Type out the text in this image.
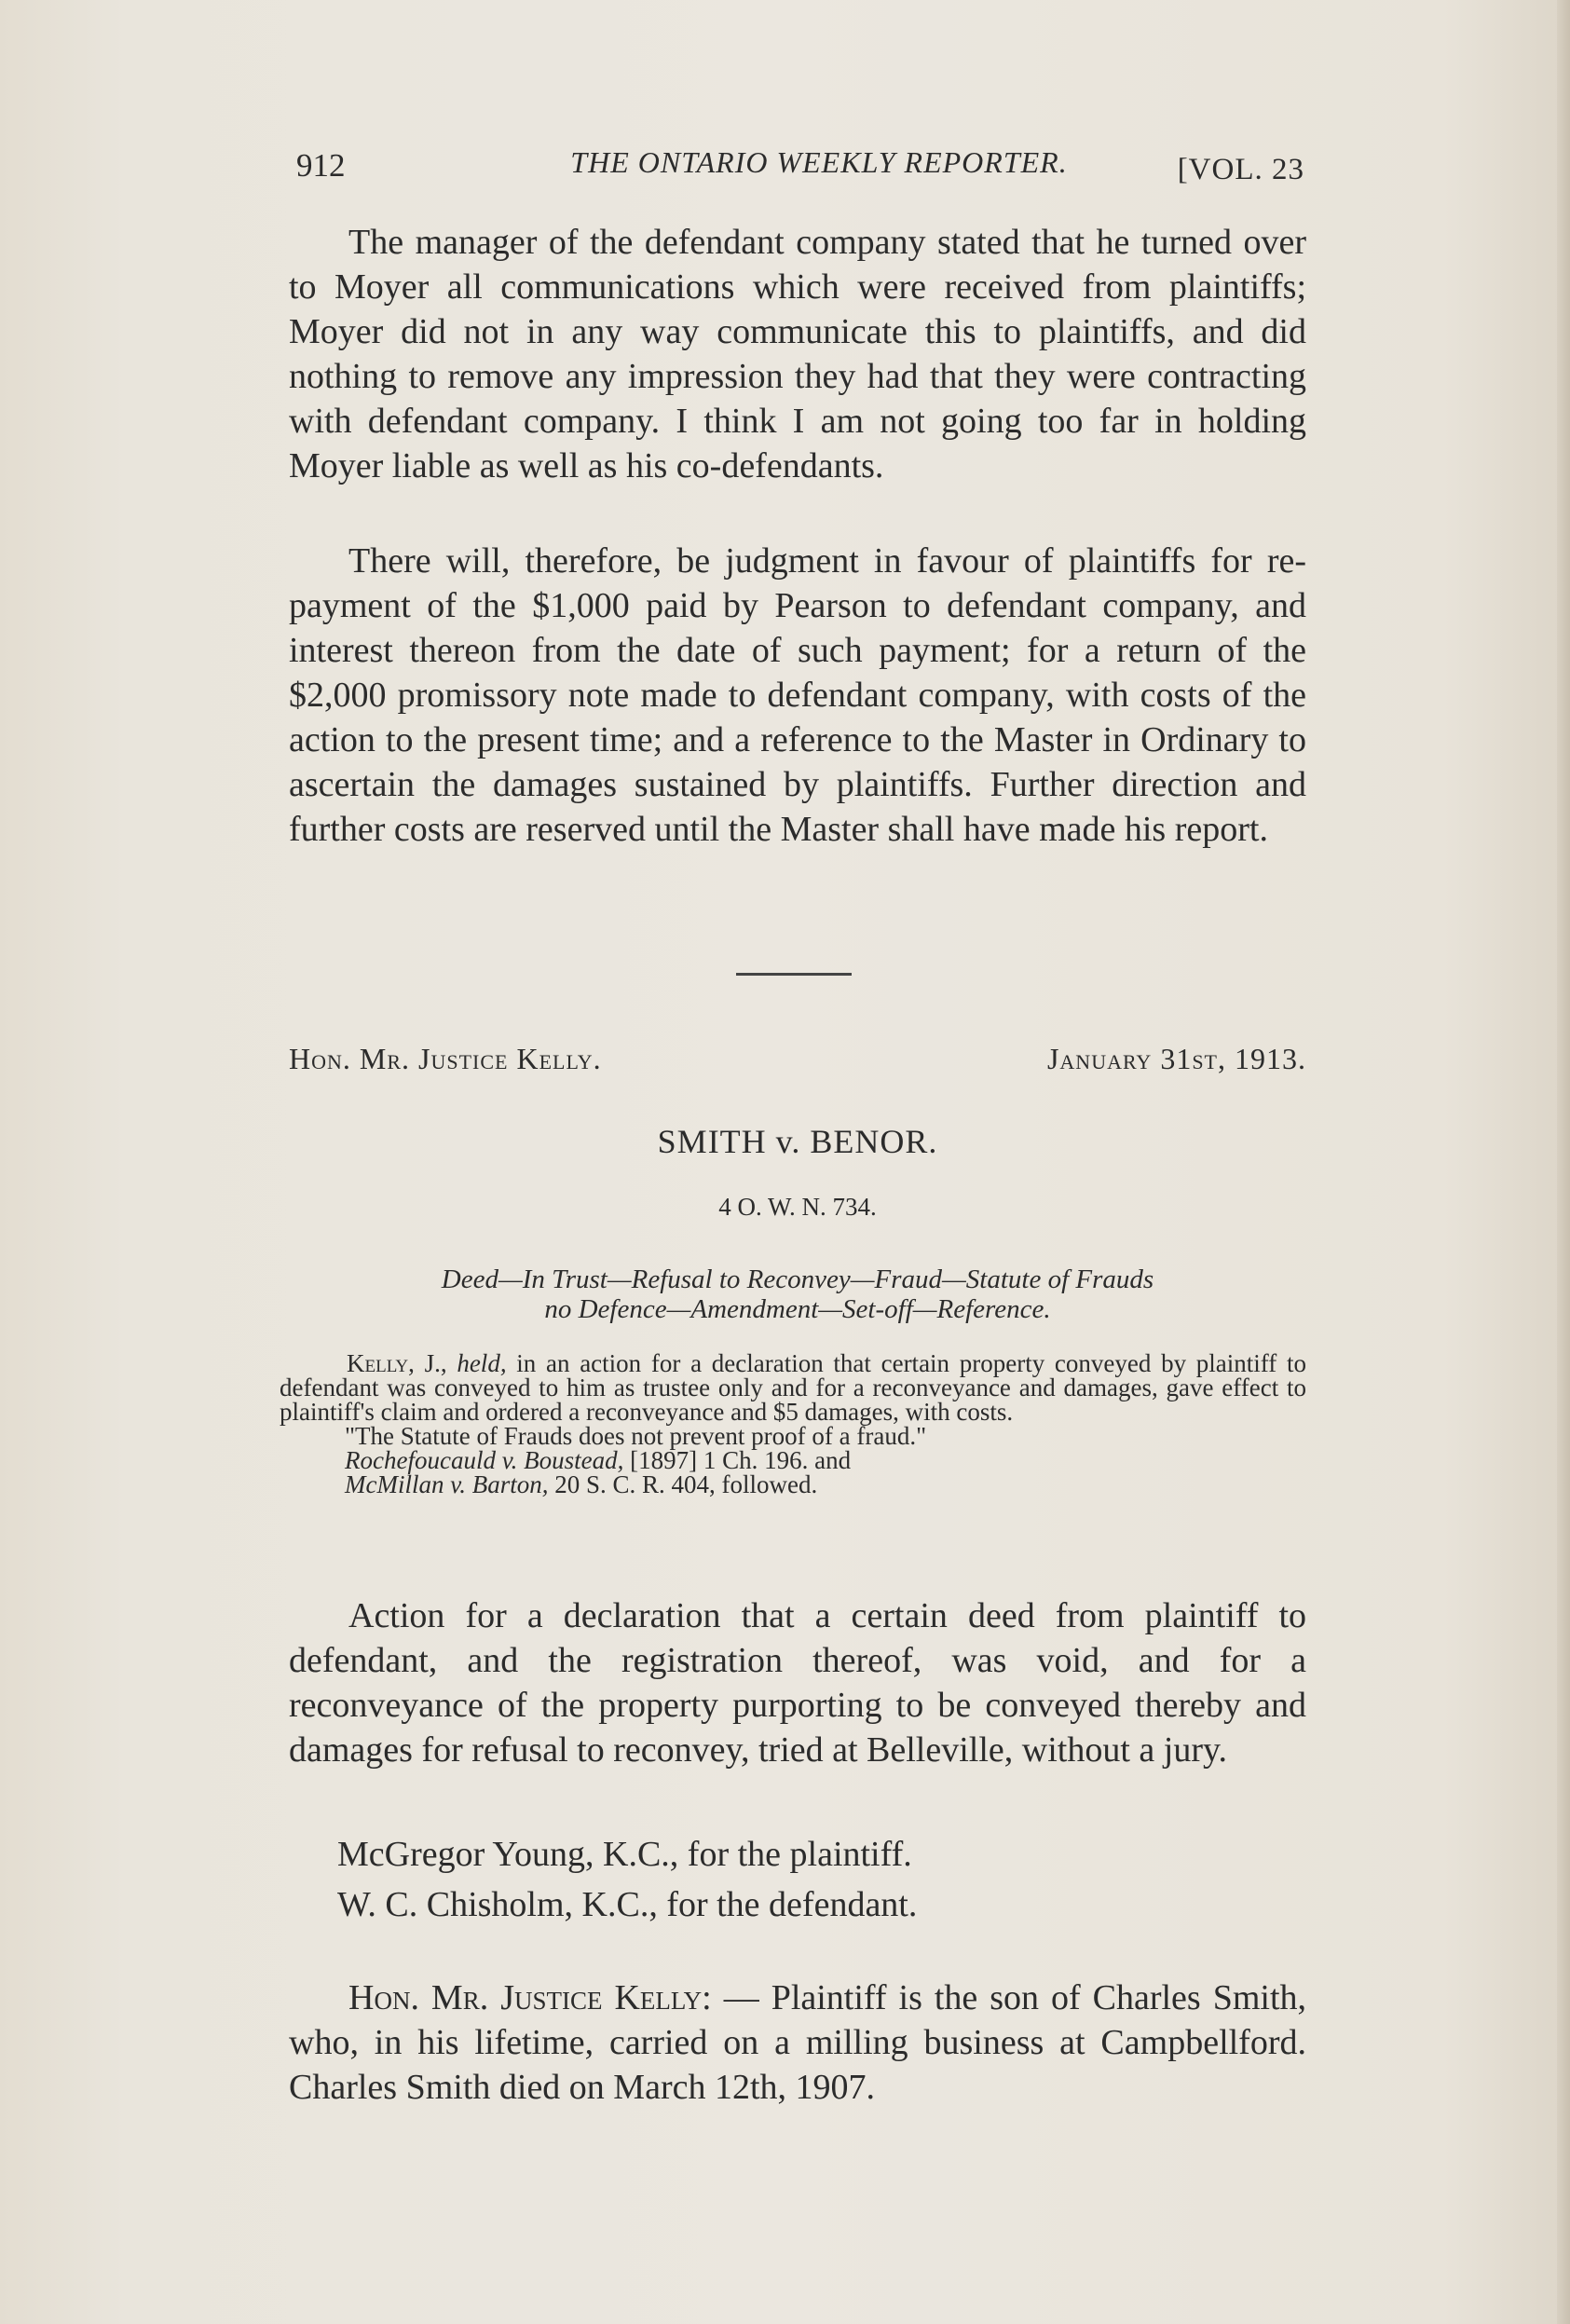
912	THE ONTARIO WEEKLY REPORTER.	[VOL. 23

The manager of the defendant company stated that he turned over to Moyer all communications which were received from plaintiffs; Moyer did not in any way communicate this to plaintiffs, and did nothing to remove any impression they had that they were contracting with defendant company. I think I am not going too far in holding Moyer liable as well as his co-defendants.

There will, therefore, be judgment in favour of plaintiffs for re-payment of the $1,000 paid by Pearson to defendant company, and interest thereon from the date of such payment; for a return of the $2,000 promissory note made to defendant company, with costs of the action to the present time; and a reference to the Master in Ordinary to ascertain the damages sustained by plaintiffs. Further direction and further costs are reserved until the Master shall have made his report.

Hon. Mr. Justice Kelly.	January 31st, 1913.
SMITH v. BENOR.
4 O. W. N. 734.
Deed—In Trust—Refusal to Reconvey—Fraud—Statute of Frauds
no Defence—Amendment—Set-off—Reference.

Kelly, J., held, in an action for a declaration that certain property conveyed by plaintiff to defendant was conveyed to him as trustee only and for a reconveyance and damages, gave effect to plaintiff's claim and ordered a reconveyance and $5 damages, with costs.

"The Statute of Frauds does not prevent proof of a fraud."

Rochefoucauld v. Boustead, [1897] 1 Ch. 196. and

McMillan v. Barton, 20 S. C. R. 404, followed.

Action for a declaration that a certain deed from plaintiff to defendant, and the registration thereof, was void, and for a reconveyance of the property purporting to be conveyed thereby and damages for refusal to reconvey, tried at Belleville, without a jury.

McGregor Young, K.C., for the plaintiff.
W. C. Chisholm, K.C., for the defendant.

Hon. Mr. Justice Kelly: — Plaintiff is the son of Charles Smith, who, in his lifetime, carried on a milling business at Campbellford. Charles Smith died on March 12th, 1907.
